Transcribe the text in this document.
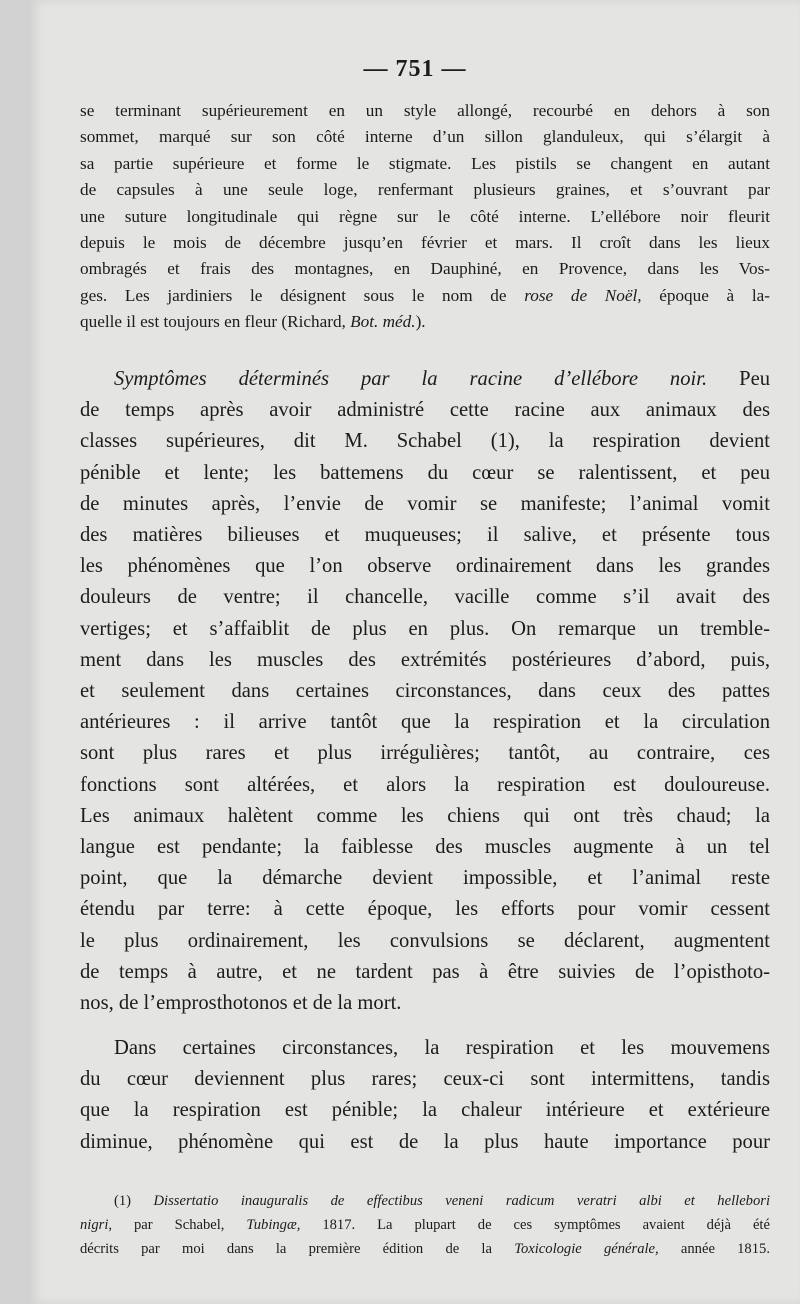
— 751 —

se terminant supérieurement en un style allongé, recourbé en dehors à son
sommet, marqué sur son côté interne d’un sillon glanduleux, qui s’élargit à
sa partie supérieure et forme le stigmate. Les pistils se changent en autant
de capsules à une seule loge, renfermant plusieurs graines, et s’ouvrant par
une suture longitudinale qui règne sur le côté interne. L’ellébore noir fleurit
depuis le mois de décembre jusqu’en février et mars. Il croît dans les lieux
ombragés et frais des montagnes, en Dauphiné, en Provence, dans les Vos-
ges. Les jardiniers le désignent sous le nom de rose de Noël, époque à la-
quelle il est toujours en fleur (Richard, Bot. méd.).

Symptômes déterminés par la racine d’ellébore noir. Peu
de temps après avoir administré cette racine aux animaux des
classes supérieures, dit M. Schabel (1), la respiration devient
pénible et lente; les battemens du cœur se ralentissent, et peu
de minutes après, l’envie de vomir se manifeste; l’animal vomit
des matières bilieuses et muqueuses; il salive, et présente tous
les phénomènes que l’on observe ordinairement dans les grandes
douleurs de ventre; il chancelle, vacille comme s’il avait des
vertiges; et s’affaiblit de plus en plus. On remarque un tremble-
ment dans les muscles des extrémités postérieures d’abord, puis,
et seulement dans certaines circonstances, dans ceux des pattes
antérieures : il arrive tantôt que la respiration et la circulation
sont plus rares et plus irrégulières; tantôt, au contraire, ces
fonctions sont altérées, et alors la respiration est douloureuse.
Les animaux halètent comme les chiens qui ont très chaud; la
langue est pendante; la faiblesse des muscles augmente à un tel
point, que la démarche devient impossible, et l’animal reste
étendu par terre: à cette époque, les efforts pour vomir cessent
le plus ordinairement, les convulsions se déclarent, augmentent
de temps à autre, et ne tardent pas à être suivies de l’opisthoto-
nos, de l’emprosthotonos et de la mort.

Dans certaines circonstances, la respiration et les mouvemens
du cœur deviennent plus rares; ceux-ci sont intermittens, tandis
que la respiration est pénible; la chaleur intérieure et extérieure
diminue, phénomène qui est de la plus haute importance pour

(1) Dissertatio inauguralis de effectibus veneni radicum veratri albi et hellebori
nigri, par Schabel, Tubingæ, 1817. La plupart de ces symptômes avaient déjà été
décrits par moi dans la première édition de la Toxicologie générale, année 1815.
